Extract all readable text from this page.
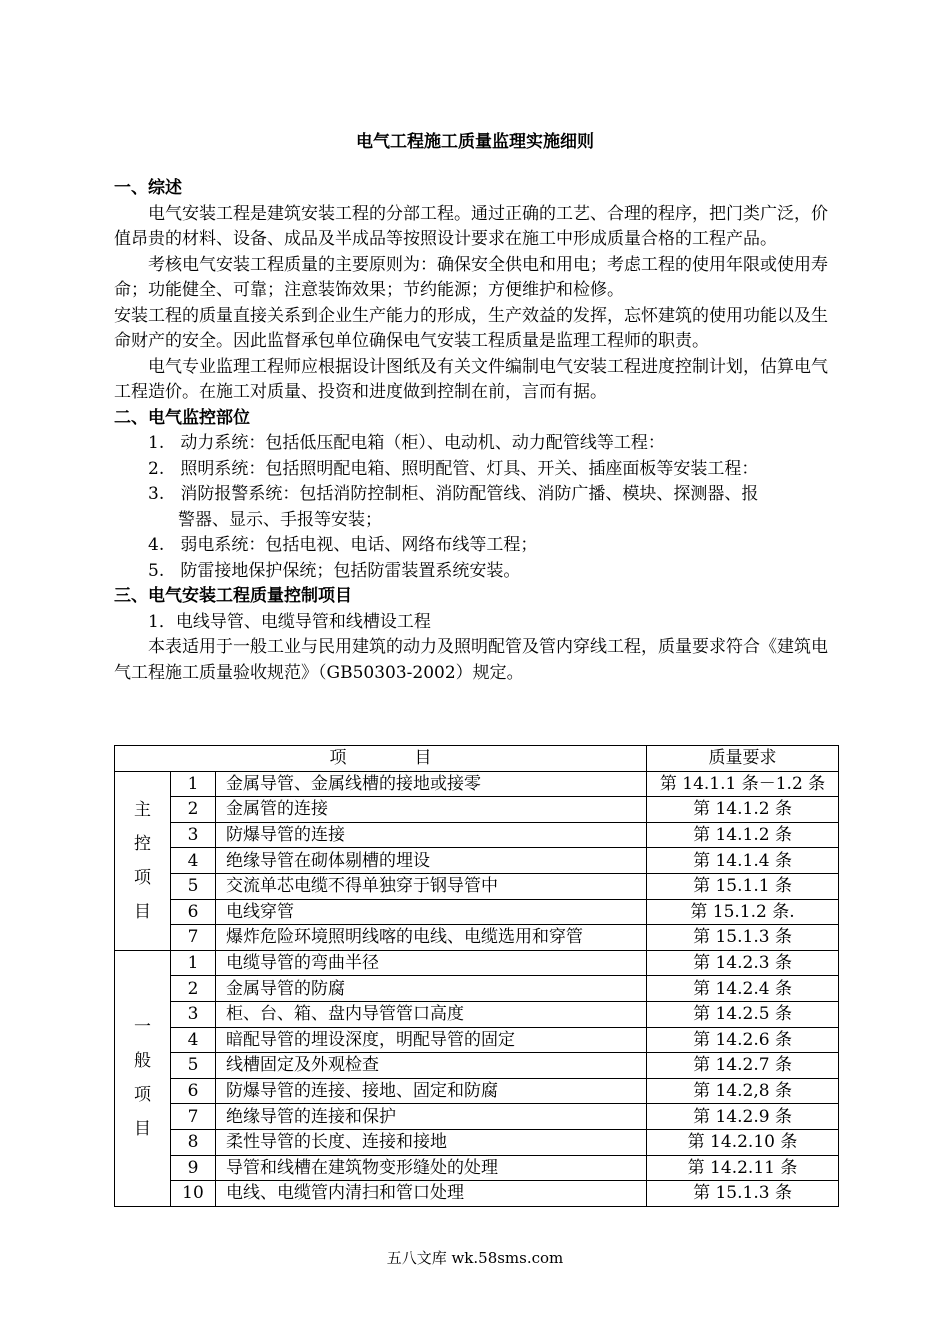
电气工程施工质量监理实施细则

一、综述

电气安装工程是建筑安装工程的分部工程。通过正确的工艺、合理的程序，把门类广泛，价值昂贵的材料、设备、成品及半成品等按照设计要求在施工中形成质量合格的工程产品。

考核电气安装工程质量的主要原则为：确保安全供电和用电；考虑工程的使用年限或使用寿命；功能健全、可靠；注意装饰效果；节约能源；方便维护和检修。

安装工程的质量直接关系到企业生产能力的形成，生产效益的发挥，忘怀建筑的使用功能以及生命财产的安全。因此监督承包单位确保电气安装工程质量是监理工程师的职责。

电气专业监理工程师应根据设计图纸及有关文件编制电气安装工程进度控制计划，估算电气工程造价。在施工对质量、投资和进度做到控制在前，言而有据。

二、电气监控部位

1.   动力系统：包括低压配电箱（柜）、电动机、动力配管线等工程：

2.   照明系统：包括照明配电箱、照明配管、灯具、开关、插座面板等安装工程：

3.   消防报警系统：包括消防控制柜、消防配管线、消防广播、模块、探测器、报

警器、显示、手报等安装；

4.   弱电系统：包括电视、电话、网络布线等工程；

5.   防雷接地保护保统；包括防雷装置系统安装。

三、电气安装工程质量控制项目

1．电线导管、电缆导管和线槽设工程

本表适用于一般工业与民用建筑的动力及照明配管及管内穿线工程，质量要求符合《建筑电气工程施工质量验收规范》（GB50303-2002）规定。

项　　　　目			质量要求

主
控
项
目	1	金属导管、金属线槽的接地或接零	第 14.1.1 条－1.2 条
	2	金属管的连接	第 14.1.2 条
	3	防爆导管的连接	第 14.1.2 条
	4	绝缘导管在砌体剔槽的埋设	第 14.1.4 条
	5	交流单芯电缆不得单独穿于钢导管中	第 15.1.1 条
	6	电线穿管	第 15.1.2 条.
	7	爆炸危险环境照明线喀的电线、电缆选用和穿管	第 15.1.3 条

一
般
项
目	1	电缆导管的弯曲半径	第 14.2.3 条
	2	金属导管的防腐	第 14.2.4 条
	3	柜、台、箱、盘内导管管口高度	第 14.2.5 条
	4	暗配导管的埋设深度，明配导管的固定	第 14.2.6 条
	5	线槽固定及外观检查	第 14.2.7 条
	6	防爆导管的连接、接地、固定和防腐	第 14.2,8 条
	7	绝缘导管的连接和保护	第 14.2.9 条
	8	柔性导管的长度、连接和接地	第 14.2.10 条
	9	导管和线槽在建筑物变形缝处的处理	第 14.2.11 条
	10	电线、电缆管内清扫和管口处理	第 15.1.3 条
五八文库 wk.58sms.com
